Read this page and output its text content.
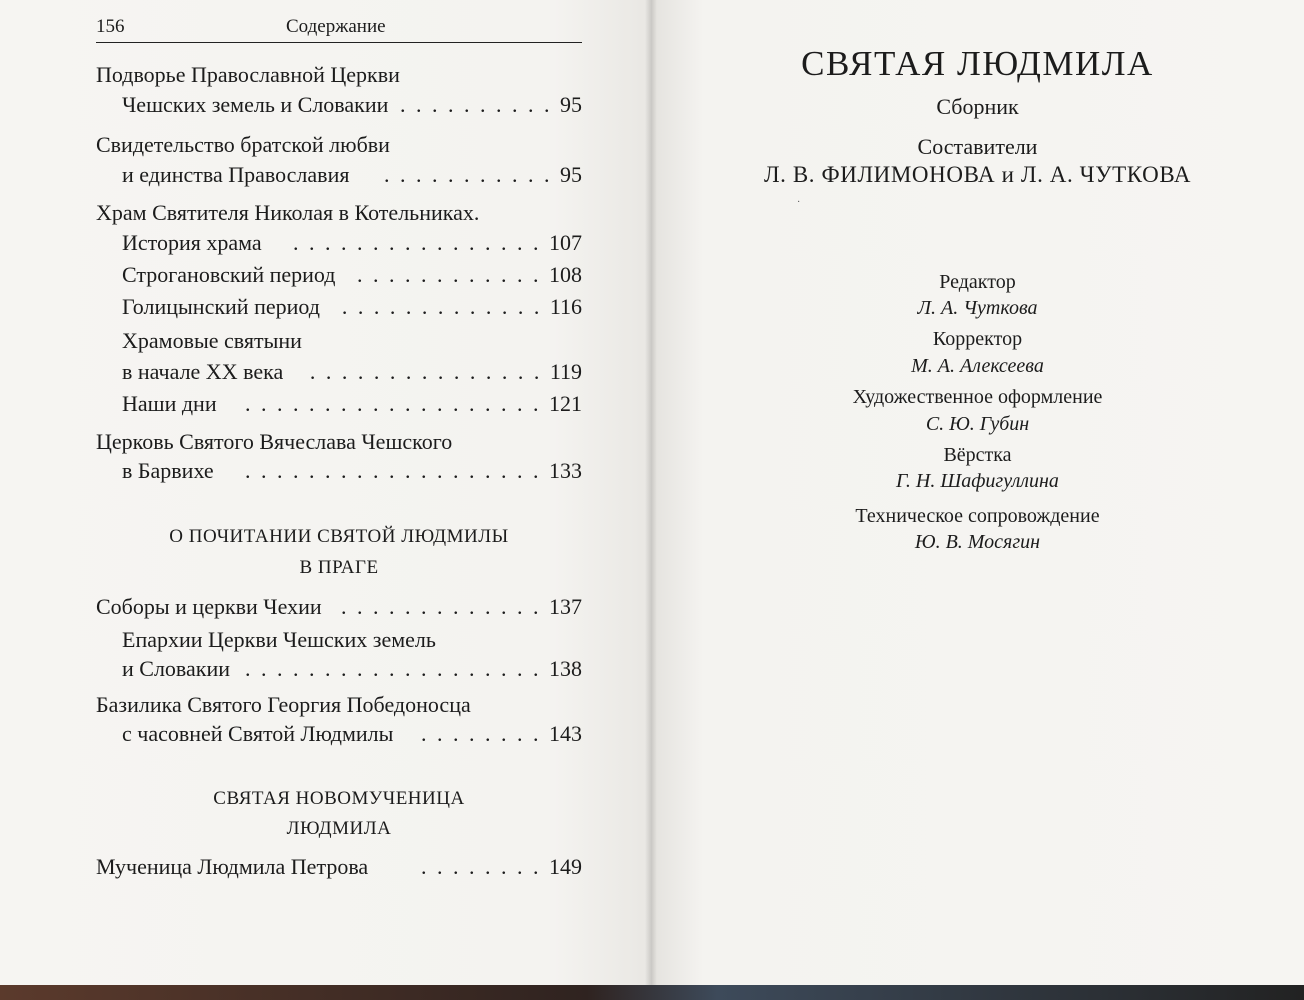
156	Содержание
Подворье Православной Церкви
Чешских земель и Словакии . . . . . . . . . . 95
Свидетельство братской любви
и единства Православия . . . . . . . . . . . 95
Храм Святителя Николая в Котельниках.
История храма . . . . . . . . . . . . . . . . 107
Строгановский период . . . . . . . . . . . . 108
Голицынский период . . . . . . . . . . . . . 116
Храмовые святыни
в начале XX века . . . . . . . . . . . . . . . 119
Наши дни . . . . . . . . . . . . . . . . . . . 121
Церковь Святого Вячеслава Чешского
в Барвихе . . . . . . . . . . . . . . . . . . . 133
О ПОЧИТАНИИ СВЯТОЙ ЛЮДМИЛЫ
В ПРАГЕ
Соборы и церкви Чехии . . . . . . . . . . . . . 137
Епархии Церкви Чешских земель
и Словакии . . . . . . . . . . . . . . . . . . . 138
Базилика Святого Георгия Победоносца
с часовней Святой Людмилы . . . . . . . . 143
СВЯТАЯ НОВОМУЧЕНИЦА
ЛЮДМИЛА
Мученица Людмила Петрова . . . . . . . . 149
СВЯТАЯ ЛЮДМИЛА
Сборник
Составители
Л. В. ФИЛИМОНОВА и Л. А. ЧУТКОВА
·
Редактор
Л. А. Чуткова
Корректор
М. А. Алексеева
Художественное оформление
С. Ю. Губин
Вёрстка
Г. Н. Шафигуллина
Техническое сопровождение
Ю. В. Мосягин
